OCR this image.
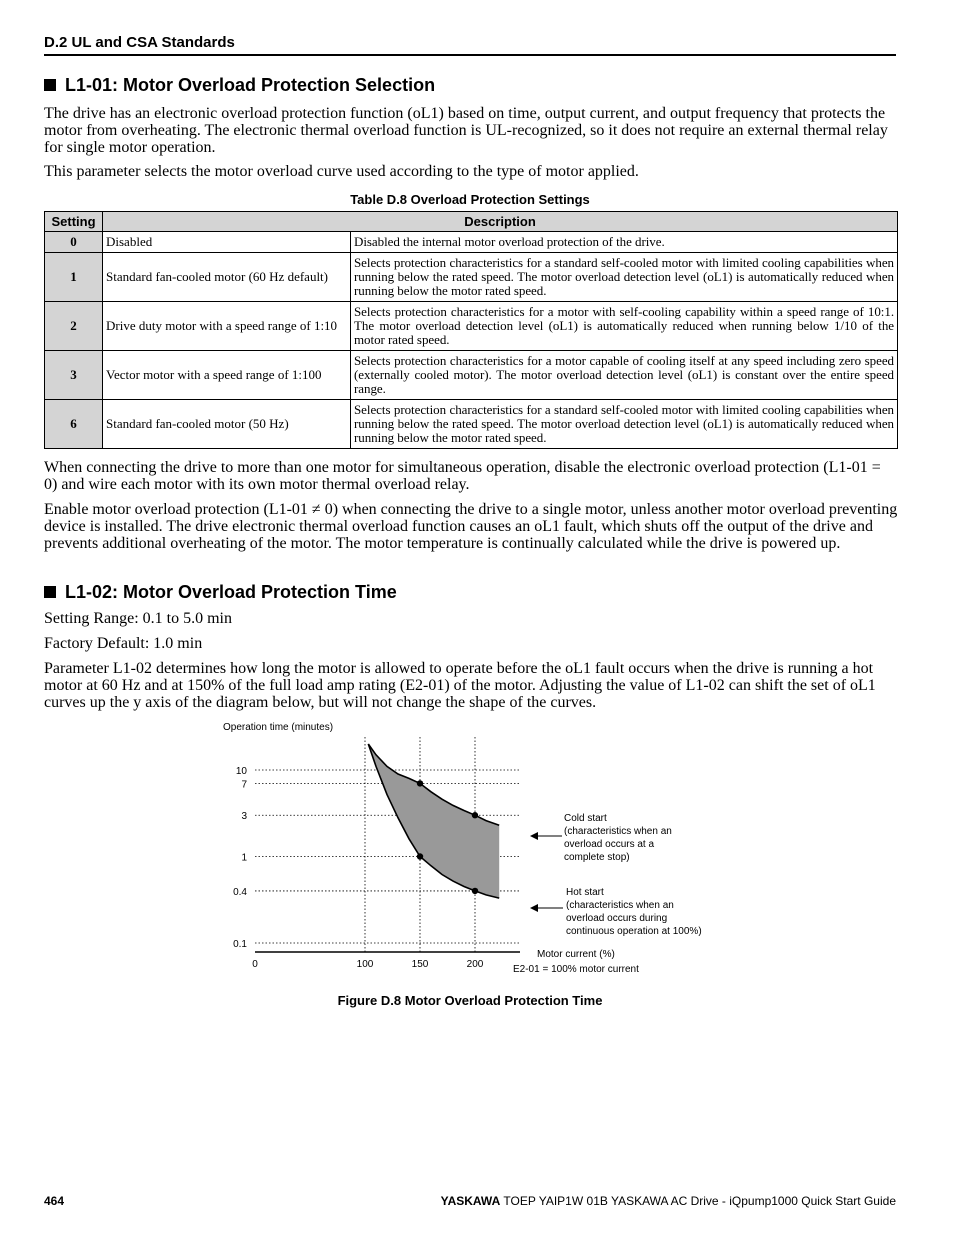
D.2 UL and CSA Standards
L1-01: Motor Overload Protection Selection
The drive has an electronic overload protection function (oL1) based on time, output current, and output frequency that protects the motor from overheating. The electronic thermal overload function is UL-recognized, so it does not require an external thermal relay for single motor operation.
This parameter selects the motor overload curve used according to the type of motor applied.
Table D.8 Overload Protection Settings
Setting	Description	
0	Disabled	Disabled the internal motor overload protection of the drive.
1	Standard fan-cooled motor (60 Hz default)	Selects protection characteristics for a standard self-cooled motor with limited cooling capabilities when running below the rated speed. The motor overload detection level (oL1) is automatically reduced when running below the motor rated speed.
2	Drive duty motor with a speed range of 1:10	Selects protection characteristics for a motor with self-cooling capability within a speed range of 10:1. The motor overload detection level (oL1) is automatically reduced when running below 1/10 of the motor rated speed.
3	Vector motor with a speed range of 1:100	Selects protection characteristics for a motor capable of cooling itself at any speed including zero speed (externally cooled motor). The motor overload detection level (oL1) is constant over the entire speed range.
6	Standard fan-cooled motor (50 Hz)	Selects protection characteristics for a standard self-cooled motor with limited cooling capabilities when running below the rated speed. The motor overload detection level (oL1) is automatically reduced when running below the motor rated speed.
When connecting the drive to more than one motor for simultaneous operation, disable the electronic overload protection (L1-01 = 0) and wire each motor with its own motor thermal overload relay.
Enable motor overload protection (L1-01 ≠ 0) when connecting the drive to a single motor, unless another motor overload preventing device is installed. The drive electronic thermal overload function causes an oL1 fault, which shuts off the output of the drive and prevents additional overheating of the motor. The motor temperature is continually calculated while the drive is powered up.
L1-02: Motor Overload Protection Time
Setting Range: 0.1 to 5.0 min
Factory Default: 1.0 min
Parameter L1-02 determines how long the motor is allowed to operate before the oL1 fault occurs when the drive is running a hot motor at 60 Hz and at 150% of the full load amp rating (E2-01) of the motor. Adjusting the value of L1-02 can shift the set of oL1 curves up the y axis of the diagram below, but will not change the shape of the curves.
10
7
3
1
0.4
0.1
0	100	150	200
Operation time (minutes)
Motor current (%)
E2-01 = 100% motor current
Cold start (characteristics when an overload occurs at a complete stop)
Hot start (characteristics when an overload occurs during continuous operation at 100%)
Figure D.8 Motor Overload Protection Time
464	YASKAWA TOEP YAIP1W 01B YASKAWA AC Drive - iQpump1000 Quick Start Guide
